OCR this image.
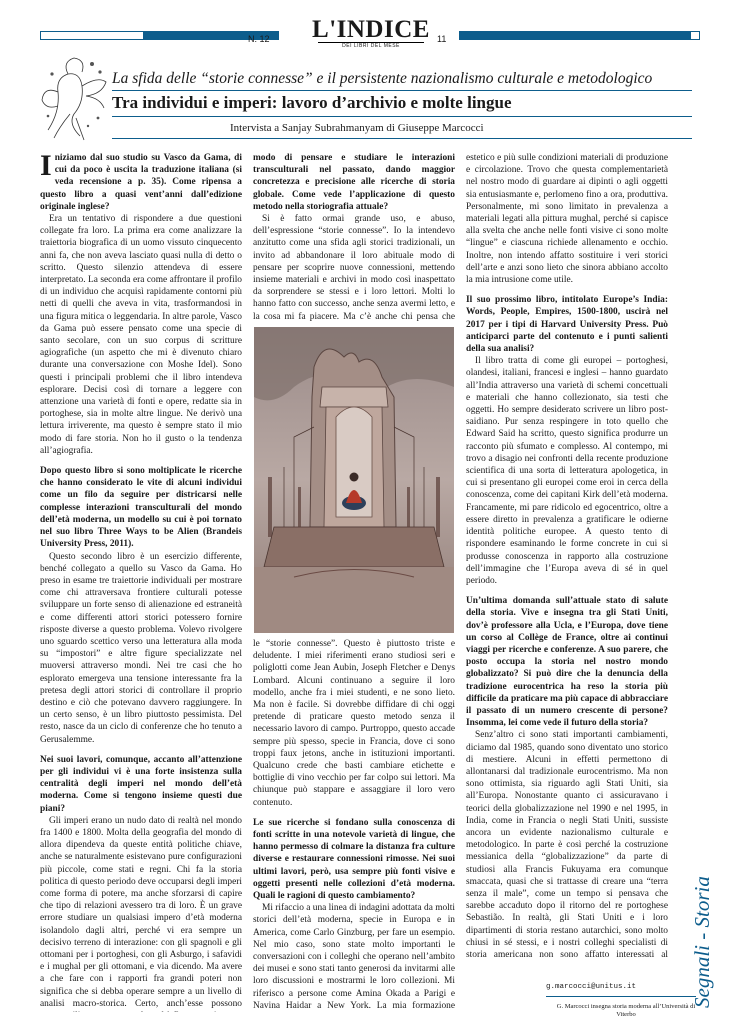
N. 12 L'INDICE
DEI LIBRI DEL MESE
11
La sfida delle “storie connesse” e il persistente nazionalismo culturale e metodologico
Tra individui e imperi: lavoro d’archivio e molte lingue
Intervista a Sanjay Subrahmanyam di Giuseppe Marcocci

Iniziamo dal suo studio su Vasco da Gama, di cui da poco è uscita la traduzione italiana (si veda recensione a p. 35). Come ripensa a questo libro a quasi vent’anni dall’edizione originale inglese?

Era un tentativo di rispondere a due questioni collegate fra loro. La prima era come analizzare la traiettoria biografica di un uomo vissuto cinquecento anni fa, che non aveva lasciato quasi nulla di detto o scritto. Questo silenzio attendeva di essere interpretato. La seconda era come affrontare il profilo di un individuo che acquisì rapidamente contorni più netti di quelli che aveva in vita, trasformandosi in una figura mitica o leggendaria. In altre parole, Vasco da Gama può essere pensato come una specie di santo secolare, con un suo corpus di scritture agiografiche (un aspetto che mi è divenuto chiaro durante una conversazione con Moshe Idel). Sono questi i principali problemi che il libro intendeva esplorare. Decisi così di tornare a leggere con attenzione una varietà di fonti e opere, redatte sia in portoghese, sia in molte altre lingue. Ne derivò una lettura irriverente, ma questo è sempre stato il mio modo di fare storia. Non ho il gusto o la tendenza all’agiografia.

Dopo questo libro si sono moltiplicate le ricerche che hanno considerato le vite di alcuni individui come un filo da seguire per districarsi nelle complesse interazioni transculturali del mondo dell’età moderna, un modello su cui è poi tornato nel suo libro Three Ways to be Alien (Brandeis University Press, 2011).

Questo secondo libro è un esercizio differente, benché collegato a quello su Vasco da Gama. Ho preso in esame tre traiettorie individuali per mostrare come chi attraversava frontiere culturali potesse sviluppare un forte senso di alienazione ed estraneità e come differenti attori storici potessero fornire risposte diverse a questo problema. Volevo rivolgere uno sguardo scettico verso una letteratura alla moda su “impostori” e altre figure specializzate nel muoversi attraverso mondi. Nei tre casi che ho esplorato emergeva una tensione interessante fra la pretesa degli attori storici di controllare il proprio destino e ciò che potevano davvero raggiungere. In un certo senso, è un libro piuttosto pessimista. Del resto, nasce da un ciclo di conferenze che ho tenuto a Gerusalemme.

Nei suoi lavori, comunque, accanto all’attenzione per gli individui vi è una forte insistenza sulla centralità degli imperi nel mondo dell’età moderna. Come si tengono insieme questi due piani?

Gli imperi erano un nudo dato di realtà nel mondo fra 1400 e 1800. Molta della geografia del mondo di allora dipendeva da queste entità politiche chiave, anche se naturalmente esistevano pure configurazioni più piccole, come stati e regni. Chi fa la storia politica di questo periodo deve occuparsi degli imperi come forma di potere, ma anche sforzarsi di capire che tipo di relazioni avessero tra di loro. È un grave errore studiare un qualsiasi impero d’età moderna isolandolo dagli altri, perché vi era sempre un decisivo terreno di interazione: con gli spagnoli e gli ottomani per i portoghesi, con gli Asburgo, i safavidi e i mughal per gli ottomani, e via dicendo. Ma avere a che fare con i rapporti fra grandi poteri non significa che si debba operare sempre a un livello di analisi macro-storica. Certo, anch’esse possono

modo di pensare e studiare le interazioni transculturali nel passato, dando maggior concretezza e precisione alle ricerche di storia globale. Come vede l’applicazione di questo metodo nella storiografia attuale?

Si è fatto ormai grande uso, e abuso, dell’espressione “storie connesse”. Io la intendevo anzitutto come una sfida agli storici tradizionali, un invito ad abbandonare il loro abituale modo di pensare per scoprire nuove connessioni, mettendo insieme materiali e archivi in modo così inaspettato da sorprendere se stessi e i loro lettori. Molti lo hanno fatto con successo, anche senza avermi letto, e la cosa mi fa piacere. Ma c’è anche chi pensa che

le “storie connesse”. Questo è piuttosto triste e deludente. I miei riferimenti erano studiosi seri e poliglotti come Jean Aubin, Joseph Fletcher e Denys Lombard. Alcuni continuano a seguire il loro modello, anche fra i miei studenti, e ne sono lieto. Ma non è facile. Si dovrebbe diffidare di chi oggi pretende di praticare questo metodo senza il necessario lavoro di campo. Purtroppo, questo accade sempre più spesso, specie in Francia, dove ci sono troppi faux jetons, anche in istituzioni importanti. Qualcuno crede che basti cambiare etichette e bottiglie di vino vecchio per far colpo sui lettori. Ma chiunque può stappare e assaggiare il loro vero contenuto.

Le sue ricerche si fondano sulla conoscenza di fonti scritte in una notevole varietà di lingue, che hanno permesso di colmare la distanza fra culture diverse e restaurare connessioni rimosse. Nei suoi ultimi lavori, però, usa sempre più fonti visive e oggetti presenti nelle collezioni d’età moderna. Quali le ragioni di questo cambiamento?

Mi rifaccio a una linea di indagini adottata da molti storici dell’età moderna, specie in Europa e in America, come Carlo Ginzburg, per fare un esempio. Nel mio caso, sono state molto importanti le conversazioni con i colleghi che operano nell’ambito dei musei e sono stati tanto generosi da invitarmi alle loro discussioni e mostrarmi le loro collezioni. Mi riferisco a persone come Amina Okada a Parigi e Navina Haidar a New York. La mia formazione

estetico e più sulle condizioni materiali di produzione e circolazione. Trovo che questa complementarietà nel nostro modo di guardare ai dipinti o agli oggetti sia entusiasmante e, perlomeno fino a ora, produttiva. Personalmente, mi sono limitato in prevalenza a materiali legati alla pittura mughal, perché si capisce alla svelta che anche nelle fonti visive ci sono molte “lingue” e ciascuna richiede allenamento e occhio. Inoltre, non intendo affatto sostituire i veri storici dell’arte e anzi sono lieto che sinora abbiano accolto la mia intrusione come utile.

Il suo prossimo libro, intitolato Europe’s India: Words, People, Empires, 1500-1800, uscirà nel 2017 per i tipi di Harvard University Press. Può anticiparci parte del contenuto e i punti salienti della sua analisi?

Il libro tratta di come gli europei – portoghesi, olandesi, italiani, francesi e inglesi – hanno guardato all’India attraverso una varietà di schemi concettuali e materiali che hanno collezionato, sia testi che oggetti. Ho sempre desiderato scrivere un libro post-saidiano. Pur senza respingere in toto quello che Edward Said ha scritto, questo significa produrre un racconto più sfumato e complesso. Al contempo, mi trovo a disagio nei confronti della recente produzione scientifica di una sorta di letteratura apologetica, in cui si presentano gli europei come eroi in cerca della conoscenza, come dei capitani Kirk dell’età moderna. Francamente, mi pare ridicolo ed egocentrico, oltre a essere diretto in prevalenza a gratificare le odierne identità politiche europee. A questo tento di rispondere esaminando le forme concrete in cui si produsse conoscenza in rapporto alla costruzione dell’immagine che l’Europa aveva di sé in quel periodo.

Un’ultima domanda sull’attuale stato di salute della storia. Vive e insegna tra gli Stati Uniti, dov’è professore alla Ucla, e l’Europa, dove tiene un corso al Collège de France, oltre ai continui viaggi per ricerche e conferenze. A suo parere, che posto occupa la storia nel nostro mondo globalizzato? Si può dire che la denuncia della tradizione eurocentrica ha reso la storia più difficile da praticare ma più capace di abbracciare il passato di un numero crescente di persone? Insomma, lei come vede il futuro della storia?

Senz’altro ci sono stati importanti cambiamenti, diciamo dal 1985, quando sono diventato uno storico di mestiere. Alcuni in effetti permettono di allontanarsi dal tradizionale eurocentrismo. Ma non sono ottimista, sia riguardo agli Stati Uniti, sia all’Europa. Nonostante quanto ci assicuravano i teorici della globalizzazione nel 1990 e nel 1995, in India, come in Francia o negli Stati Uniti, sussiste ancora un evidente nazionalismo culturale e metodologico. In parte è così perché la costruzione messianica della “globalizzazione” da parte di studiosi alla Francis Fukuyama era comunque smaccata, quasi che si trattasse di creare una “terra senza il male”, come un tempo si pensava che sarebbe accaduto dopo il ritorno del re portoghese Sebastião. In realtà, gli Stati Uniti e i loro dipartimenti di storia restano autarchici, sono molto chiusi in sé stessi, e i nostri colleghi specialisti di storia americana non sono affatto interessati al

g.marcocci@unitus.it
G. Marcocci insegna storia moderna all’Università di Viterbo
Segnali - Storia
